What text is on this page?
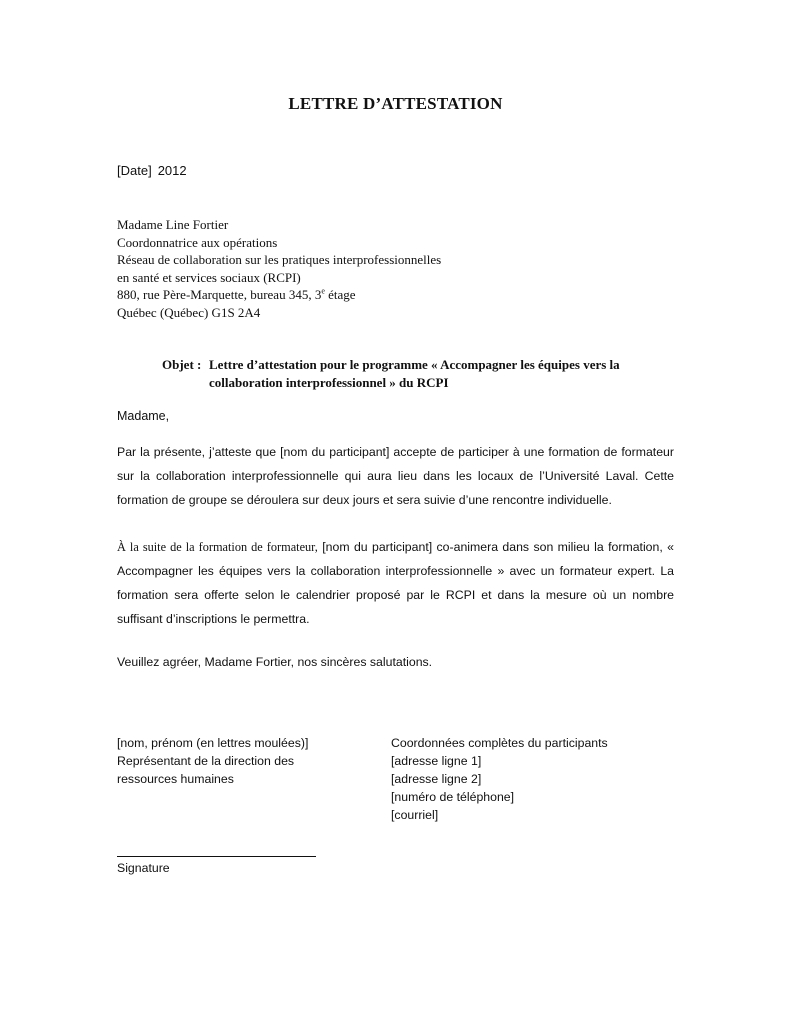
LETTRE D’ATTESTATION
[Date] 2012
Madame Line Fortier
Coordonnatrice aux opérations
Réseau de collaboration sur les pratiques interprofessionnelles
en santé et services sociaux (RCPI)
880, rue Père-Marquette, bureau 345, 3e étage
Québec (Québec) G1S 2A4
Objet : Lettre d’attestation pour le programme « Accompagner les équipes vers la collaboration interprofessionnel » du RCPI
Madame,
Par la présente, j’atteste que [nom du participant] accepte de participer à une formation de formateur sur la collaboration interprofessionnelle qui aura lieu dans les locaux de l’Université Laval. Cette formation de groupe se déroulera sur deux jours et sera suivie d’une rencontre individuelle.
À la suite de la formation de formateur, [nom du participant] co-animera dans son milieu la formation, « Accompagner les équipes vers la collaboration interprofessionnelle » avec un formateur expert. La formation sera offerte selon le calendrier proposé par le RCPI et dans la mesure où un nombre suffisant d’inscriptions le permettra.
Veuillez agréer, Madame Fortier, nos sincères salutations.
[nom, prénom (en lettres moulées)]
Représentant de la direction des
ressources humaines
Coordonnées complètes du participants
[adresse ligne 1]
[adresse ligne 2]
[numéro de téléphone]
[courriel]
Signature
